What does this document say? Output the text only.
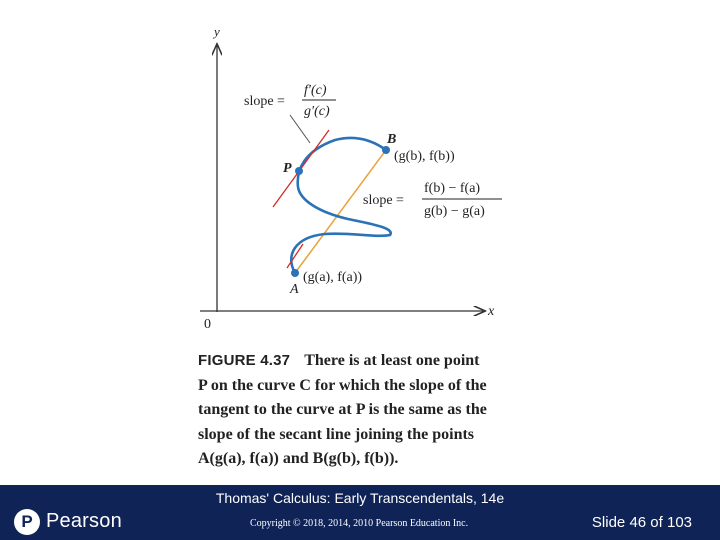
y
x
0
B
(g(b), f(b))
P
A
(g(a), f(a))
slope =
f′(c)
g′(c)
slope =
f(b) − f(a)
g(b) − g(a)
FIGURE 4.37 There is at least one point
P on the curve C for which the slope of the
tangent to the curve at P is the same as the
slope of the secant line joining the points
A(g(a), f(a)) and B(g(b), f(b)).
Thomas' Calculus: Early Transcendentals, 14e
P Pearson	Copyright © 2018, 2014, 2010 Pearson Education Inc.	Slide 46 of 103
